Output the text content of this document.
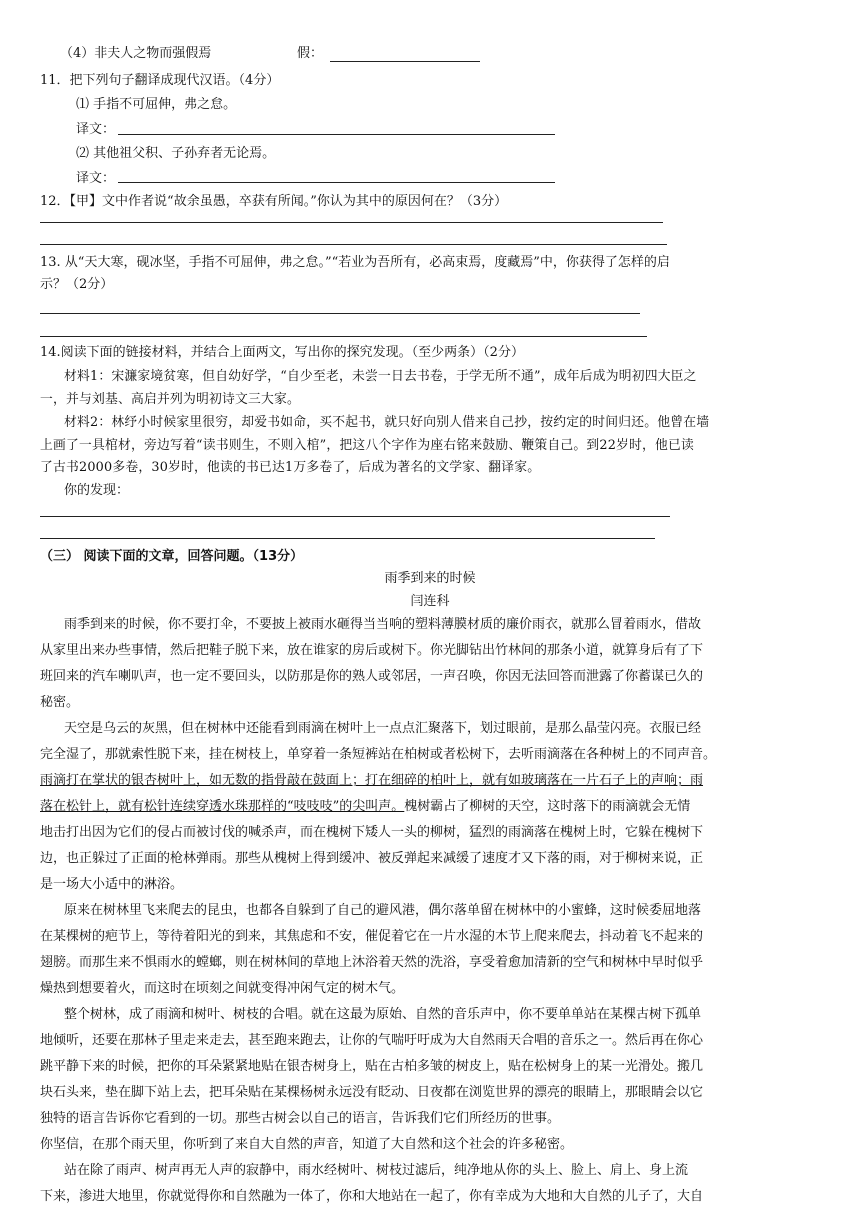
（4）非夫人之物而强假焉	假：
11．把下列句子翻译成现代汉语。（4分）
⑴ 手指不可屈伸，弗之怠。
译文：
⑵ 其他祖父积、子孙弃者无论焉。
译文：
12．【甲】文中作者说“故余虽愚，卒获有所闻。”你认为其中的原因何在？（3分）
13. 从“天大寒，砚冰坚，手指不可屈伸，弗之怠。”“若业为吾所有，必高束焉，度藏焉”中，你获得了怎样的启
示？（2分）
14.阅读下面的链接材料，并结合上面两文，写出你的探究发现。（至少两条）（2分）
材料1：宋濂家境贫寒，但自幼好学，“自少至老，未尝一日去书卷，于学无所不通”，成年后成为明初四大臣之
一，并与刘基、高启并列为明初诗文三大家。
材料2：林纾小时候家里很穷，却爱书如命，买不起书，就只好向别人借来自己抄，按约定的时间归还。他曾在墙
上画了一具棺材，旁边写着“读书则生，不则入棺”，把这八个字作为座右铭来鼓励、鞭策自己。到22岁时，他已读
了古书2000多卷，30岁时，他读的书已达1万多卷了，后成为著名的文学家、翻译家。
你的发现：
（三） 阅读下面的文章，回答问题。（13分）
雨季到来的时候
闫连科
雨季到来的时候，你不要打伞，不要披上被雨水砸得当当响的塑料薄膜材质的廉价雨衣，就那么冒着雨水，借故
从家里出来办些事情，然后把鞋子脱下来，放在谁家的房后或树下。你光脚钻出竹林间的那条小道，就算身后有了下
班回来的汽车喇叭声，也一定不要回头，以防那是你的熟人或邻居，一声召唤，你因无法回答而泄露了你蓄谋已久的
秘密。
天空是乌云的灰黑，但在树林中还能看到雨滴在树叶上一点点汇聚落下，划过眼前，是那么晶莹闪亮。衣服已经
完全湿了，那就索性脱下来，挂在树枝上，单穿着一条短裤站在柏树或者松树下，去听雨滴落在各种树上的不同声音。
雨滴打在掌状的银杏树叶上，如无数的指骨敲在鼓面上；打在细碎的柏叶上，就有如玻璃落在一片石子上的声响；雨
落在松针上，就有松针连续穿透水珠那样的“吱吱吱”的尖叫声。槐树霸占了柳树的天空，这时落下的雨滴就会无情
地击打出因为它们的侵占而被讨伐的喊杀声，而在槐树下矮人一头的柳树，猛烈的雨滴落在槐树上时，它躲在槐树下
边，也正躲过了正面的枪林弹雨。那些从槐树上得到缓冲、被反弹起来减缓了速度才又下落的雨，对于柳树来说，正
是一场大小适中的淋浴。
原来在树林里飞来爬去的昆虫，也都各自躲到了自己的避风港，偶尔落单留在树林中的小蜜蜂，这时候委屈地落
在某棵树的疤节上，等待着阳光的到来，其焦虑和不安，催促着它在一片水湿的木节上爬来爬去，抖动着飞不起来的
翅膀。而那生来不惧雨水的螳螂，则在树林间的草地上沐浴着天然的洗浴，享受着愈加清新的空气和树林中早时似乎
燥热到想要着火，而这时在顷刻之间就变得冲闲气定的树木气。
整个树林，成了雨滴和树叶、树枝的合唱。就在这最为原始、自然的音乐声中，你不要单单站在某棵古树下孤单
地倾听，还要在那林子里走来走去，甚至跑来跑去，让你的气喘吁吁成为大自然雨天合唱的音乐之一。然后再在你心
跳平静下来的时候，把你的耳朵紧紧地贴在银杏树身上，贴在古柏多皱的树皮上，贴在松树身上的某一光滑处。搬几
块石头来，垫在脚下站上去，把耳朵贴在某棵杨树永远没有眨动、日夜都在浏览世界的漂亮的眼睛上，那眼睛会以它
独特的语言告诉你它看到的一切。那些古树会以自己的语言，告诉我们它们所经历的世事。
你坚信，在那个雨天里，你听到了来自大自然的声音，知道了大自然和这个社会的许多秘密。
站在除了雨声、树声再无人声的寂静中，雨水经树叶、树枝过滤后，纯净地从你的头上、脸上、肩上、身上流
下来，渗进大地里，你就觉得你和自然融为一体了，你和大地站在一起了，你有幸成为大地和大自然的儿子了，大自
